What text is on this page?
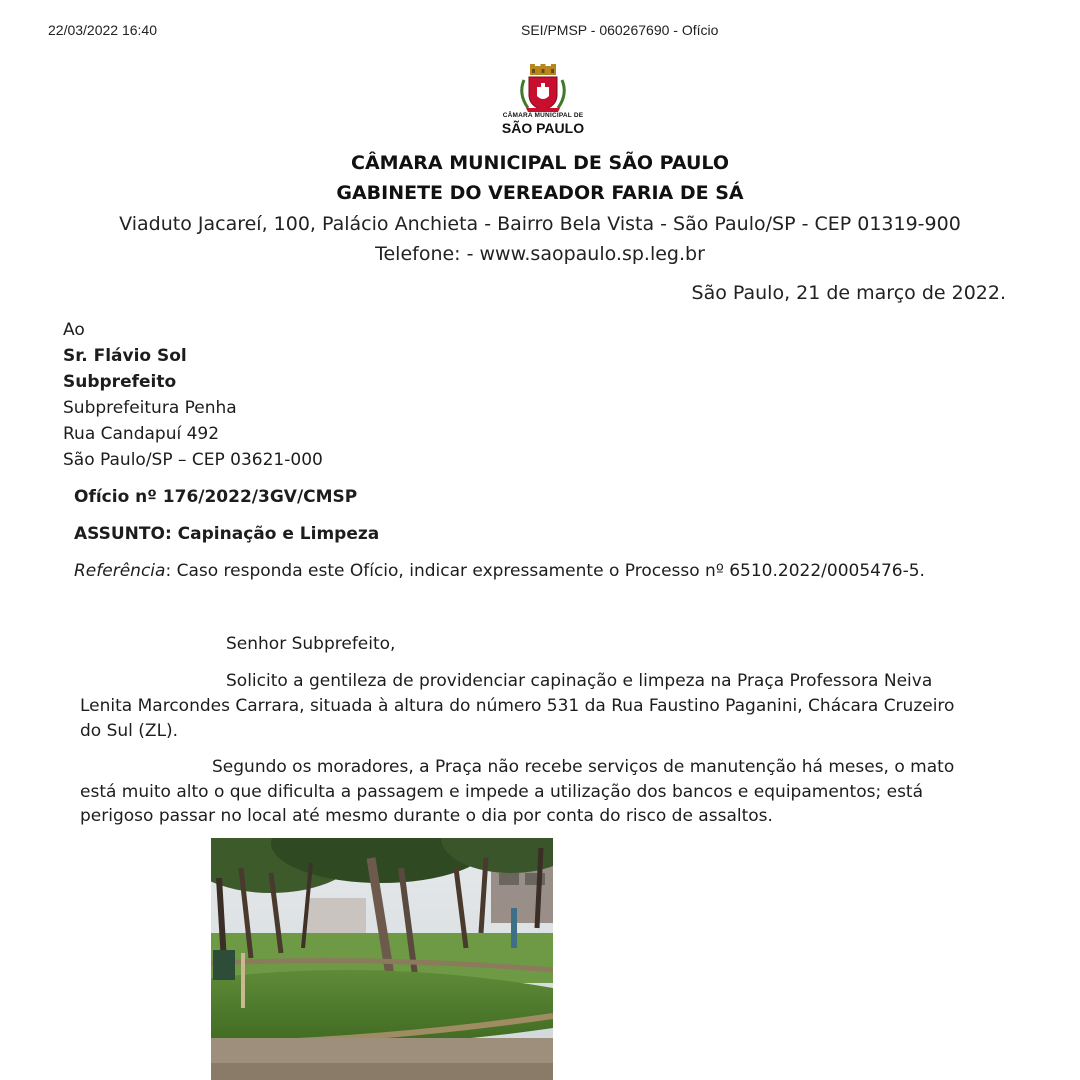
22/03/2022 16:40	SEI/PMSP - 060267690 - Ofício
CÂMARA MUNICIPAL DE
SÃO PAULO
CÂMARA MUNICIPAL DE SÃO PAULO
GABINETE DO VEREADOR FARIA DE SÁ
Viaduto Jacareí, 100, Palácio Anchieta - Bairro Bela Vista - São Paulo/SP - CEP 01319-900
Telefone: - www.saopaulo.sp.leg.br
São Paulo, 21 de março de 2022.
Ao
Sr. Flávio Sol
Subprefeito
Subprefeitura Penha
Rua Candapuí 492
São Paulo/SP – CEP 03621-000
Ofício nº 176/2022/3GV/CMSP
ASSUNTO: Capinação e Limpeza
Referência: Caso responda este Ofício, indicar expressamente o Processo nº 6510.2022/0005476-5.
Senhor Subprefeito,
Solicito a gentileza de providenciar capinação e limpeza na Praça Professora Neiva
Lenita Marcondes Carrara, situada à altura do número 531 da Rua Faustino Paganini, Chácara Cruzeiro
do Sul (ZL).
Segundo os moradores, a Praça não recebe serviços de manutenção há meses, o mato
está muito alto o que dificulta a passagem e impede a utilização dos bancos e equipamentos; está
perigoso passar no local até mesmo durante o dia por conta do risco de assaltos.
